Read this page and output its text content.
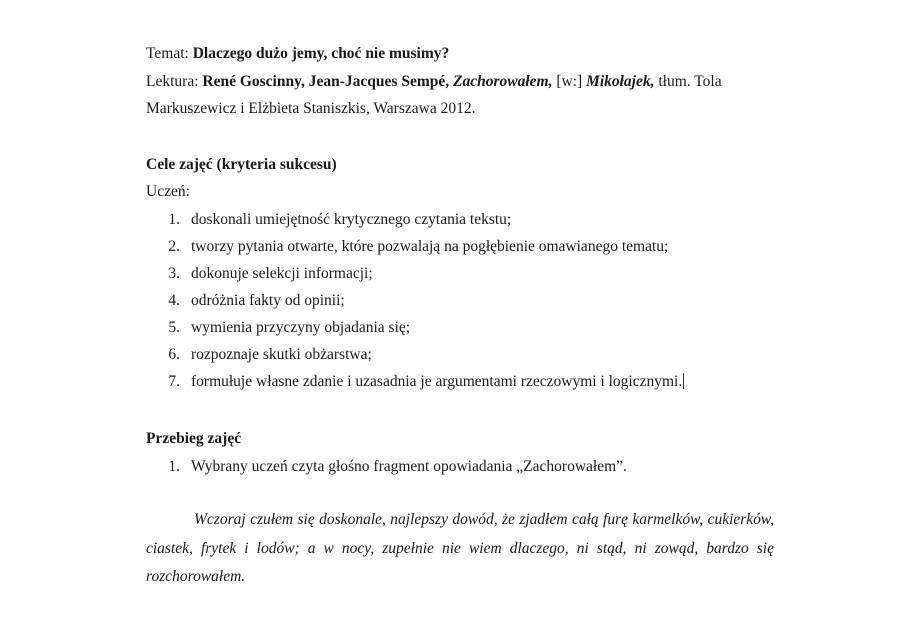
Temat: Dlaczego dużo jemy, choć nie musimy?
Lektura: René Goscinny, Jean-Jacques Sempé, Zachorowałem, [w:] Mikołajek, tłum. Tola
Markuszewicz i Elżbieta Staniszkis, Warszawa 2012.
Cele zajęć (kryteria sukcesu)
Uczeń:
1. doskonali umiejętność krytycznego czytania tekstu;
2. tworzy pytania otwarte, które pozwalają na pogłębienie omawianego tematu;
3. dokonuje selekcji informacji;
4. odróżnia fakty od opinii;
5. wymienia przyczyny objadania się;
6. rozpoznaje skutki obżarstwa;
7. formułuje własne zdanie i uzasadnia je argumentami rzeczowymi i logicznymi.
Przebieg zajęć
1. Wybrany uczeń czyta głośno fragment opowiadania „Zachorowałem”.
Wczoraj czułem się doskonale, najlepszy dowód, że zjadłem całą furę karmelków, cukierków, ciastek, frytek i lodów; a w nocy, zupełnie nie wiem dlaczego, ni stąd, ni zowąd, bardzo się rozchorowałem.
